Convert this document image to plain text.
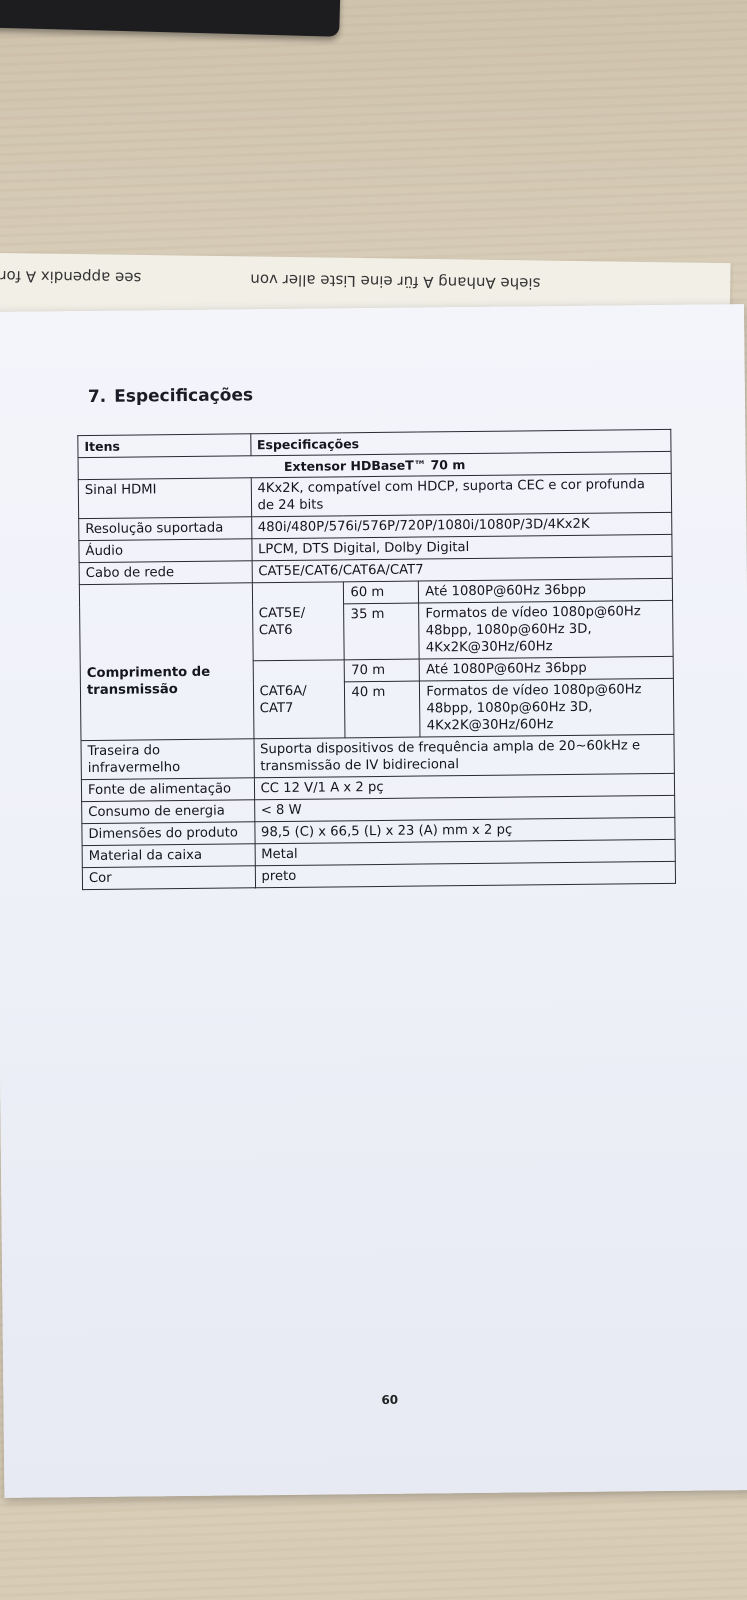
siehe Anhang A für eine Liste aller von
see appendix A for
7. Especificações
Itens	Especificações		
Extensor HDBaseT™ 70 m			
Sinal HDMI	4Kx2K, compatível com HDCP, suporta CEC e cor profunda de 24 bits		
Resolução suportada	480i/480P/576i/576P/720P/1080i/1080P/3D/4Kx2K		
Áudio	LPCM, DTS Digital, Dolby Digital		
Cabo de rede	CAT5E/CAT6/CAT6A/CAT7		
Comprimento de transmissão	CAT5E/ CAT6	60 m	Até 1080P@60Hz 36bpp
		35 m	Formatos de vídeo 1080p@60Hz 48bpp, 1080p@60Hz 3D, 4Kx2K@30Hz/60Hz
	CAT6A/ CAT7	70 m	Até 1080P@60Hz 36bpp
		40 m	Formatos de vídeo 1080p@60Hz 48bpp, 1080p@60Hz 3D, 4Kx2K@30Hz/60Hz
Traseira do infravermelho	Suporta dispositivos de frequência ampla de 20~60kHz e transmissão de IV bidirecional		
Fonte de alimentação	CC 12 V/1 A x 2 pç		
Consumo de energia	< 8 W		
Dimensões do produto	98,5 (C) x 66,5 (L) x 23 (A) mm x 2 pç		
Material da caixa	Metal		
Cor	preto		
60
